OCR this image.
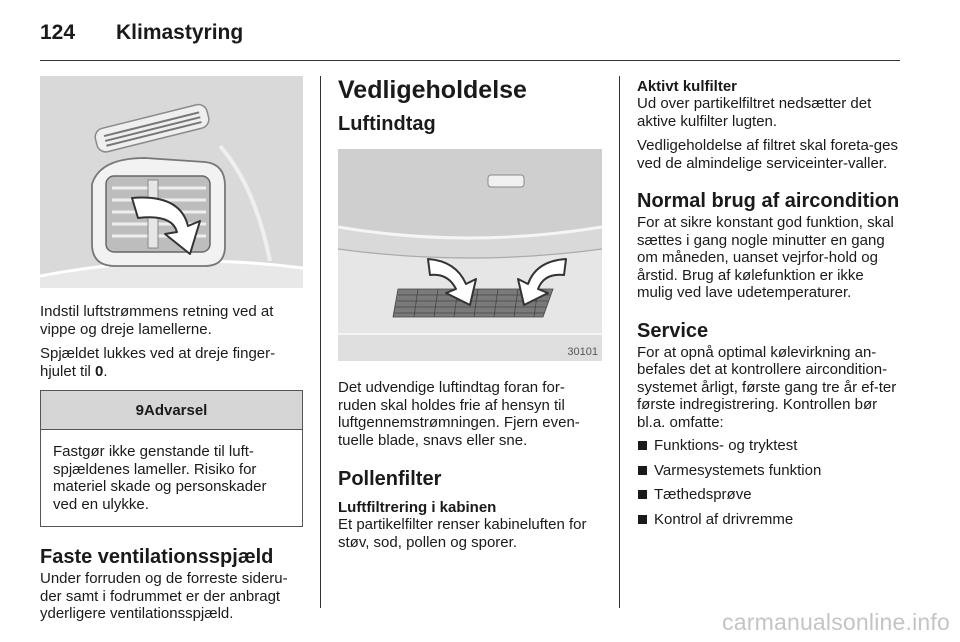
124	Klimastyring

Indstil luftstrømmens retning ved at vippe og dreje lamellerne.

Spjældet lukkes ved at dreje finger-hjulet til 0.

9 Advarsel
Fastgør ikke genstande til luft-spjældenes lameller. Risiko for materiel skade og personskader ved en ulykke.
Faste ventilationsspjæld

Under forruden og de forreste sideru-der samt i fodrummet er der anbragt yderligere ventilationsspjæld.

Vedligeholdelse
Luftindtag
30101

Det udvendige luftindtag foran for-ruden skal holdes frie af hensyn til luftgennemstrømningen. Fjern even-tuelle blade, snavs eller sne.

Pollenfilter
Luftfiltrering i kabinen

Et partikelfilter renser kabineluften for støv, sod, pollen og sporer.

Aktivt kulfilter

Ud over partikelfiltret nedsætter det aktive kulfilter lugten.

Vedligeholdelse af filtret skal foreta-ges ved de almindelige serviceinter-valler.

Normal brug af aircondition

For at sikre konstant god funktion, skal sættes i gang nogle minutter en gang om måneden, uanset vejrfor-hold og årstid. Brug af kølefunktion er ikke mulig ved lave udetemperaturer.

Service

For at opnå optimal kølevirkning an-befales det at kontrollere aircondition-systemet årligt, første gang tre år ef-ter første indregistrering. Kontrollen bør bl.a. omfatte:

Funktions- og tryktest
Varmesystemets funktion
Tæthedsprøve
Kontrol af drivremme
carmanualsonline.info
